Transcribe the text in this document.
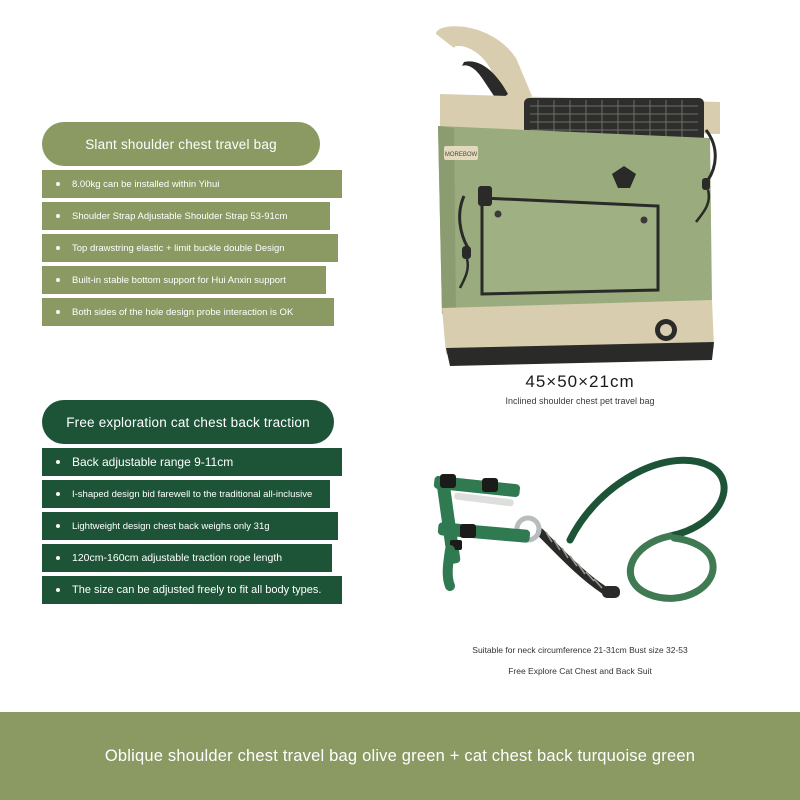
Slant shoulder chest travel bag
8.00kg can be installed within Yihui
Shoulder Strap Adjustable Shoulder Strap 53-91cm
Top drawstring elastic + limit buckle double Design
Built-in stable bottom support for Hui Anxin support
Both sides of the hole design probe interaction is OK
Free exploration cat chest back traction
Back adjustable range 9-11cm
I-shaped design bid farewell to the traditional all-inclusive
Lightweight design chest back weighs only 31g
120cm-160cm adjustable traction rope length
The size can be adjusted freely to fit all body types.
MOREBOW
45×50×21cm
Inclined shoulder chest pet travel bag
Suitable for neck circumference 21-31cm Bust size 32-53
Free Explore Cat Chest and Back Suit
Oblique shoulder chest travel bag olive green + cat chest back turquoise green
